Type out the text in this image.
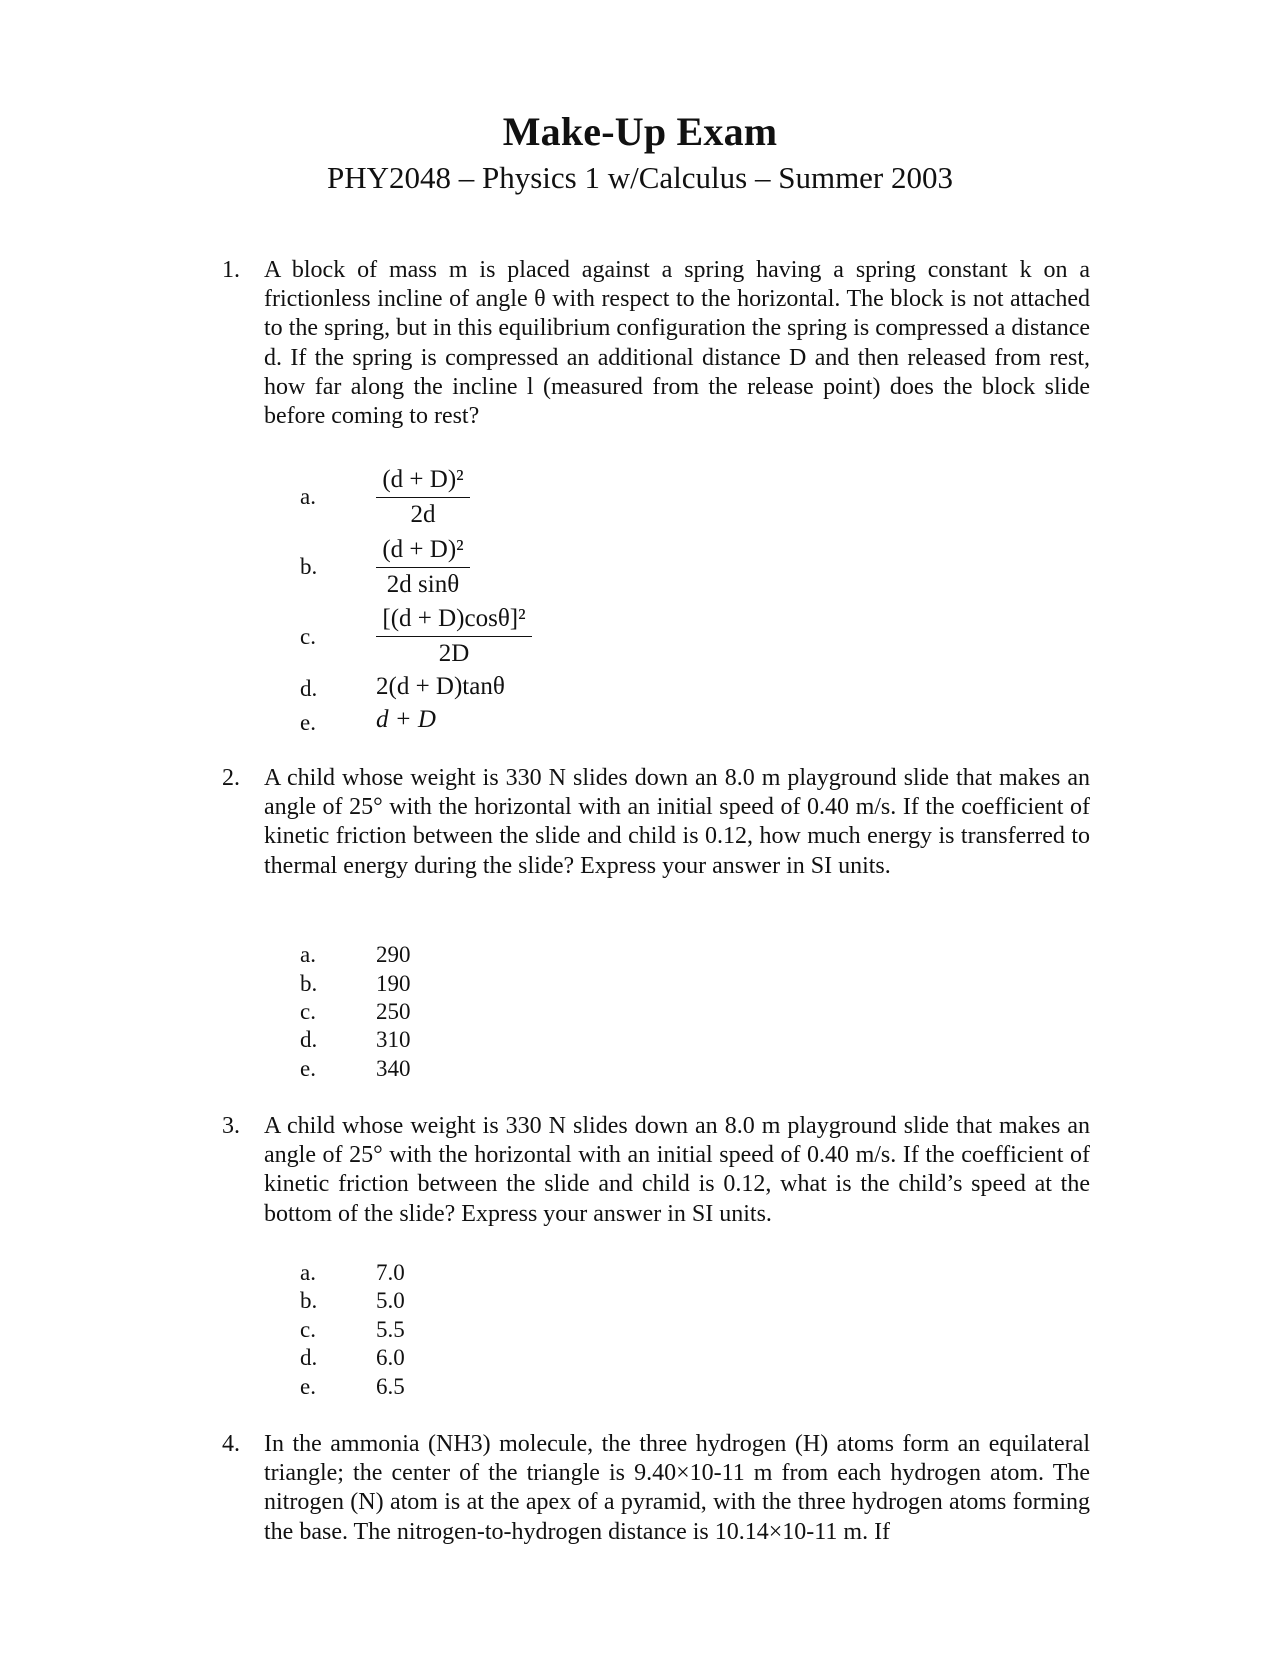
Make-Up Exam
PHY2048 – Physics 1 w/Calculus – Summer 2003
1. A block of mass m is placed against a spring having a spring constant k on a frictionless incline of angle θ with respect to the horizontal. The block is not attached to the spring, but in this equilibrium configuration the spring is compressed a distance d. If the spring is compressed an additional distance D and then released from rest, how far along the incline l (measured from the release point) does the block slide before coming to rest?
a.
(d + D)²
2d
b.
(d + D)²
2d sinθ
c.
[(d + D)cosθ]²
2D
d. 2(d + D)tanθ
e. d + D
2. A child whose weight is 330 N slides down an 8.0 m playground slide that makes an angle of 25° with the horizontal with an initial speed of 0.40 m/s. If the coefficient of kinetic friction between the slide and child is 0.12, how much energy is transferred to thermal energy during the slide? Express your answer in SI units.
a.	290
b.	190
c.	250
d.	310
e.	340
3. A child whose weight is 330 N slides down an 8.0 m playground slide that makes an angle of 25° with the horizontal with an initial speed of 0.40 m/s. If the coefficient of kinetic friction between the slide and child is 0.12, what is the child’s speed at the bottom of the slide? Express your answer in SI units.
a.	7.0
b.	5.0
c.	5.5
d.	6.0
e.	6.5
4. In the ammonia (NH3) molecule, the three hydrogen (H) atoms form an equilateral triangle; the center of the triangle is 9.40×10-11 m from each hydrogen atom. The nitrogen (N) atom is at the apex of a pyramid, with the three hydrogen atoms forming the base. The nitrogen-to-hydrogen distance is 10.14×10-11 m. If
